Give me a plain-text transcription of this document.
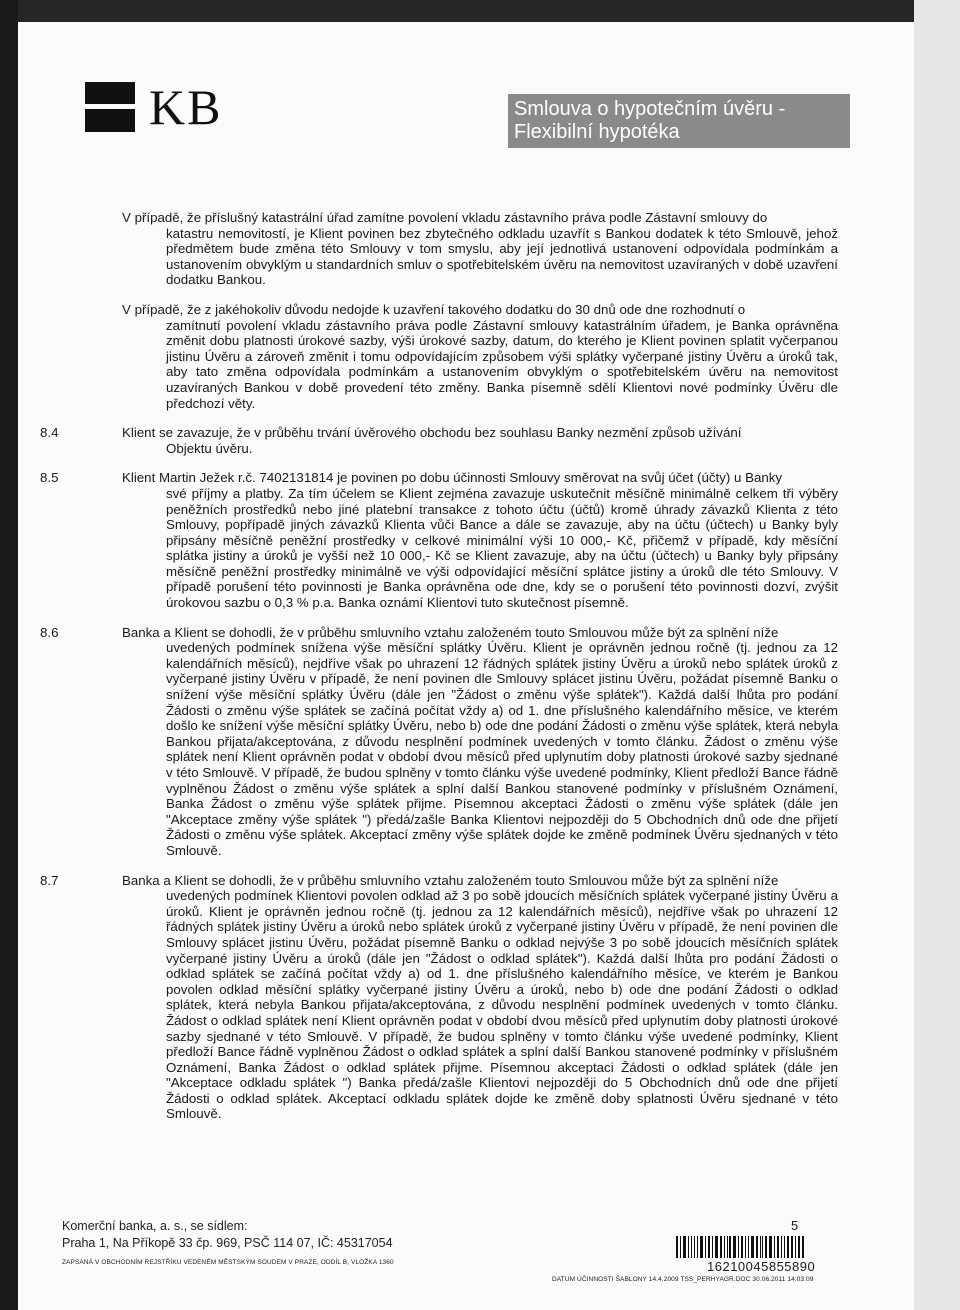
KB	Smlouva o hypotečním úvěru - Flexibilní hypotéka
V případě, že příslušný katastrální úřad zamítne povolení vkladu zástavního práva podle Zástavní smlouvy do
katastru nemovitostí, je Klient povinen bez zbytečného odkladu uzavřít s Bankou dodatek k této Smlouvě, jehož předmětem bude změna této Smlouvy v tom smyslu, aby její jednotlivá ustanovení odpovídala podmínkám a ustanovením obvyklým u standardních smluv o spotřebitelském úvěru na nemovitost uzavíraných v době uzavření dodatku Bankou.
V případě, že z jakéhokoliv důvodu nedojde k uzavření takového dodatku do 30 dnů ode dne rozhodnutí o
zamítnutí povolení vkladu zástavního práva podle Zástavní smlouvy katastrálním úřadem, je Banka oprávněna změnit dobu platnosti úrokové sazby, výši úrokové sazby, datum, do kterého je Klient povinen splatit vyčerpanou jistinu Úvěru a zároveň změnit i tomu odpovídajícím způsobem výši splátky vyčerpané jistiny Úvěru a úroků tak, aby tato změna odpovídala podmínkám a ustanovením obvyklým o spotřebitelském úvěru na nemovitost uzavíraných Bankou v době provedení této změny. Banka písemně sdělí Klientovi nové podmínky Úvěru dle předchozí věty.
8.4	Klient se zavazuje, že v průběhu trvání úvěrového obchodu bez souhlasu Banky nezmění způsob užívání
Objektu úvěru.
8.5	Klient Martin Ježek r.č. 7402131814 je povinen po dobu účinnosti Smlouvy směrovat na svůj účet (účty) u Banky
své příjmy a platby. Za tím účelem se Klient zejména zavazuje uskutečnit měsíčně minimálně celkem tři výběry peněžních prostředků nebo jiné platební transakce z tohoto účtu (účtů) kromě úhrady závazků Klienta z této Smlouvy, popřípadě jiných závazků Klienta vůči Bance a dále se zavazuje, aby na účtu (účtech) u Banky byly připsány měsíčně peněžní prostředky v celkové minimální výši 10 000,- Kč, přičemž v případě, kdy měsíční splátka jistiny a úroků je vyšší než 10 000,- Kč se Klient zavazuje, aby na účtu (účtech) u Banky byly připsány měsíčně peněžní prostředky minimálně ve výši odpovídající měsíční splátce jistiny a úroků dle této Smlouvy. V případě porušení této povinnosti je Banka oprávněna ode dne, kdy se o porušení této povinnosti dozví, zvýšit úrokovou sazbu o 0,3 % p.a. Banka oznámí Klientovi tuto skutečnost písemně.
8.6	Banka a Klient se dohodli, že v průběhu smluvního vztahu založeném touto Smlouvou může být za splnění níže
uvedených podmínek snížena výše měsíční splátky Úvěru. Klient je oprávněn jednou ročně (tj. jednou za 12 kalendářních měsíců), nejdříve však po uhrazení 12 řádných splátek jistiny Úvěru a úroků nebo splátek úroků z vyčerpané jistiny Úvěru v případě, že není povinen dle Smlouvy splácet jistinu Úvěru, požádat písemně Banku o snížení výše měsíční splátky Úvěru (dále jen "Žádost o změnu výše splátek"). Každá další lhůta pro podání Žádosti o změnu výše splátek se začíná počítat vždy a) od 1. dne příslušného kalendářního měsíce, ve kterém došlo ke snížení výše měsíční splátky Úvěru, nebo b) ode dne podání Žádosti o změnu výše splátek, která nebyla Bankou přijata/akceptována, z důvodu nesplnění podmínek uvedených v tomto článku. Žádost o změnu výše splátek není Klient oprávněn podat v období dvou měsíců před uplynutím doby platnosti úrokové sazby sjednané v této Smlouvě. V případě, že budou splněny v tomto článku výše uvedené podmínky, Klient předloží Bance řádně vyplněnou Žádost o změnu výše splátek a splní další Bankou stanovené podmínky v příslušném Oznámení, Banka Žádost o změnu výše splátek přijme. Písemnou akceptaci Žádosti o změnu výše splátek (dále jen "Akceptace změny výše splátek ") předá/zašle Banka Klientovi nejpozději do 5 Obchodních dnů ode dne přijetí Žádosti o změnu výše splátek. Akceptací změny výše splátek dojde ke změně podmínek Úvěru sjednaných v této Smlouvě.
8.7	Banka a Klient se dohodli, že v průběhu smluvního vztahu založeném touto Smlouvou může být za splnění níže
uvedených podmínek Klientovi povolen odklad až 3 po sobě jdoucích měsíčních splátek vyčerpané jistiny Úvěru a úroků. Klient je oprávněn jednou ročně (tj. jednou za 12 kalendářních měsíců), nejdříve však po uhrazení 12 řádných splátek jistiny Úvěru a úroků nebo splátek úroků z vyčerpané jistiny Úvěru v případě, že není povinen dle Smlouvy splácet jistinu Úvěru, požádat písemně Banku o odklad nejvýše 3 po sobě jdoucích měsíčních splátek vyčerpané jistiny Úvěru a úroků (dále jen "Žádost o odklad splátek"). Každá další lhůta pro podání Žádosti o odklad splátek se začíná počítat vždy a) od 1. dne příslušného kalendářního měsíce, ve kterém je Bankou povolen odklad měsíční splátky vyčerpané jistiny Úvěru a úroků, nebo b) ode dne podání Žádosti o odklad splátek, která nebyla Bankou přijata/akceptována, z důvodu nesplnění podmínek uvedených v tomto článku. Žádost o odklad splátek není Klient oprávněn podat v období dvou měsíců před uplynutím doby platnosti úrokové sazby sjednané v této Smlouvě. V případě, že budou splněny v tomto článku výše uvedené podmínky, Klient předloží Bance řádně vyplněnou Žádost o odklad splátek a splní další Bankou stanovené podmínky v příslušném Oznámení, Banka Žádost o odklad splátek přijme. Písemnou akceptaci Žádosti o odklad splátek (dále jen "Akceptace odkladu splátek ") Banka předá/zašle Klientovi nejpozději do 5 Obchodních dnů ode dne přijetí Žádosti o odklad splátek. Akceptací odkladu splátek dojde ke změně doby splatnosti Úvěru sjednané v této Smlouvě.
Komerční banka, a. s., se sídlem:
Praha 1, Na Příkopě 33 čp. 969, PSČ 114 07, IČ: 45317054
ZAPSANÁ V OBCHODNÍM REJSTŘÍKU VEDENÉM MĚSTSKÝM SOUDEM V PRAZE, ODDÍL B, VLOŽKA 1360
5
16210045855890
DATUM ÚČINNOSTI ŠABLONY 14.4.2009 TSS_PERHYAGR.DOC 30.06.2011 14:03:09
